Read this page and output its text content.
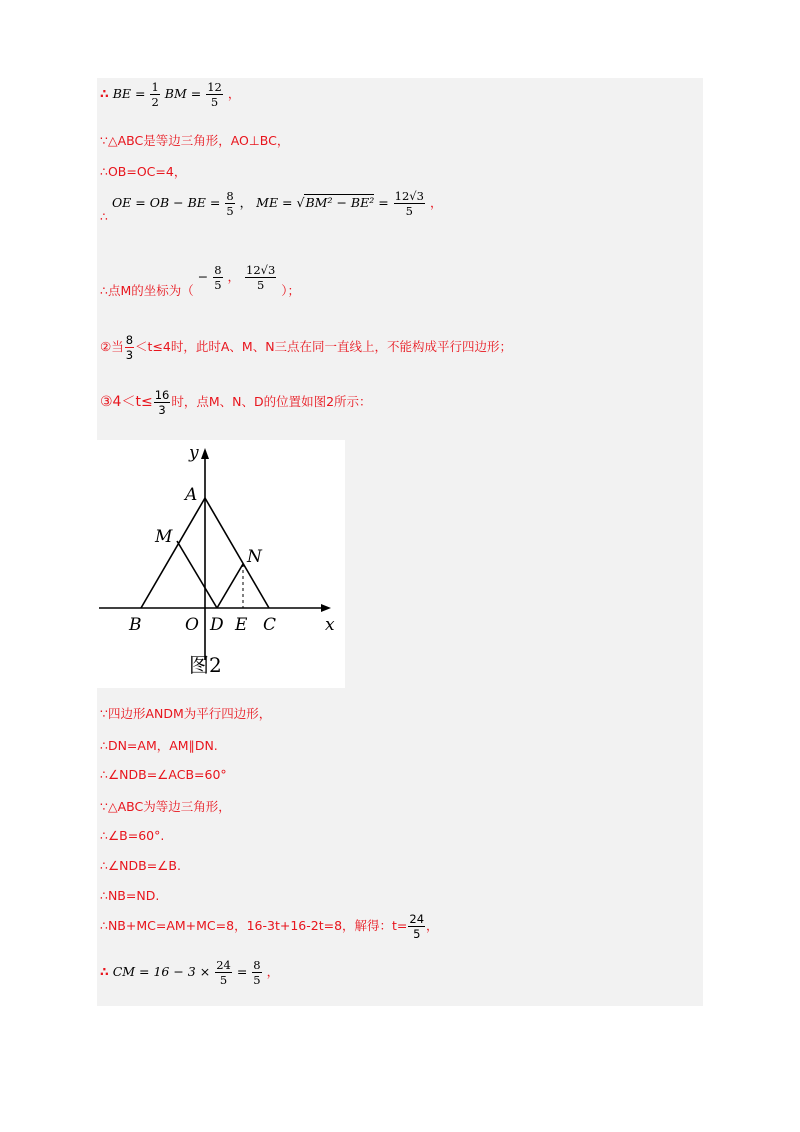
∴ BE = $\frac{1}{2}$ BM = $\frac{12}{5}$ ，
∵△ABC是等边三角形，AO⊥BC，
∴OB=OC=4，
∴ OE = OB − BE = $\frac{8}{5}$ ， ME = $√BM^2 - BE^2 = \frac{12√3}{5}$ ，
∴点M的坐标为（ − $\frac{8}{5}$ ， $\frac{12√3}{5}$ ）；
②当 $\frac{8}{3} <t\le 4$时，此时A、M、N三点在同一直线上，不能构成平行四边形；
③4＜t≤ $\frac{16}{3}$ 时，点M、N、D的位置如图2所示：
y
x
A
M
N
B	O D E C
图2
∵四边形ANDM为平行四边形，
∴DN=AM，AM∥DN.
∴∠NDB=∠ACB=60°
∵△ABC为等边三角形，
∴∠B=60°.
∴∠NDB=∠B.
∴NB=ND.
∴NB+MC=AM+MC=8，16-3t+16-2t=8，解得：$t= \frac{24}{5}$ ，
∴ CM = $16 - 3 \times \frac{24}{5} = \frac{8}{5}$ ，
